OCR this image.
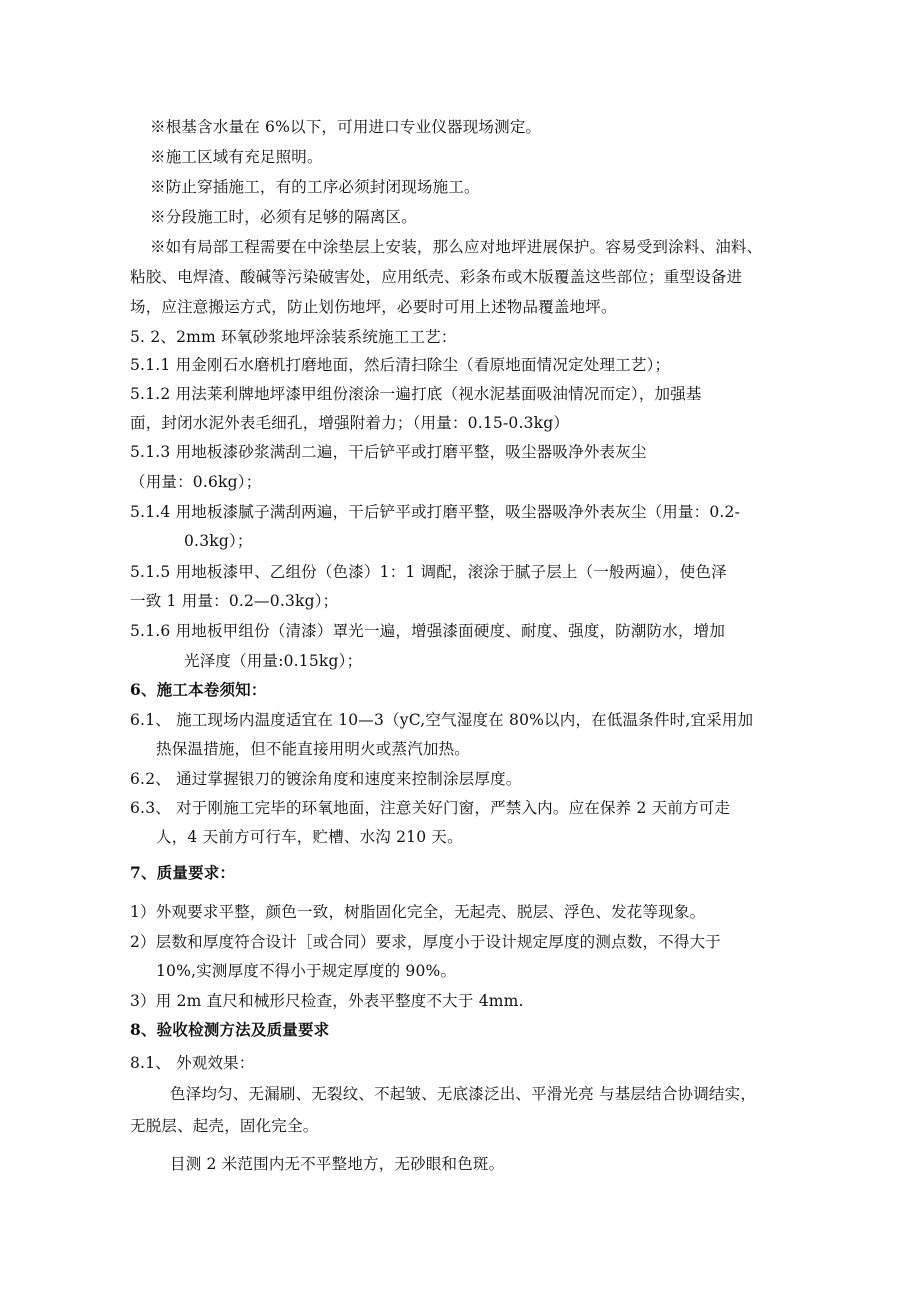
※根基含水量在 6%以下，可用进口专业仪器现场测定。
※施工区域有充足照明。
※防止穿插施工，有的工序必须封闭现场施工。
※分段施工时，必须有足够的隔离区。
※如有局部工程需要在中涂垫层上安装，那么应对地坪进展保护。容易受到涂料、油料、
粘胶、电焊渣、酸碱等污染破害处，应用纸壳、彩条布或木版覆盖这些部位；重型设备进
场，应注意搬运方式，防止划伤地坪，必要时可用上述物品覆盖地坪。
5. 2、2mm 环氧砂浆地坪涂装系统施工工艺：
5.1.1 用金刚石水磨机打磨地面，然后清扫除尘（看原地面情况定处理工艺）；
5.1.2 用法莱利牌地坪漆甲组份滚涂一遍打底（视水泥基面吸油情况而定），加强基
面，封闭水泥外表毛细孔，增强附着力；（用量：0.15-0.3kg）
5.1.3 用地板漆砂浆满刮二遍，干后铲平或打磨平整，吸尘器吸净外表灰尘
（用量：0.6kg）；
5.1.4 用地板漆腻子满刮两遍，干后铲平或打磨平整，吸尘器吸净外表灰尘（用量：0.2-
0.3kg）；
5.1.5 用地板漆甲、乙组份（色漆）1：1 调配，滚涂于腻子层上（一般两遍），使色泽
一致 1 用量：0.2—0.3kg）；
5.1.6 用地板甲组份（清漆）罩光一遍，增强漆面硬度、耐度、强度，防潮防水，增加
光泽度（用量:0.15kg）；
6、施工本卷须知：
6.1、 施工现场内温度适宜在 10—3（yC,空气湿度在 80%以内，在低温条件时,宜采用加
热保温措施，但不能直接用明火或蒸汽加热。
6.2、 通过掌握银刀的镀涂角度和速度来控制涂层厚度。
6.3、 对于刚施工完毕的环氧地面，注意关好门窗，严禁入内。应在保养 2 天前方可走
人，4 天前方可行车，贮槽、水沟 210 天。
7、质量要求：
1）外观要求平整，颜色一致，树脂固化完全，无起壳、脱层、浮色、发花等现象。
2）层数和厚度符合设计［或合同）要求，厚度小于设计规定厚度的测点数，不得大于
10%,实测厚度不得小于规定厚度的 90%。
3）用 2m 直尺和械形尺检查，外表平整度不大于 4mm.
8、验收检测方法及质量要求
8.1、 外观效果：
色泽均匀、无漏刷、无裂纹、不起皱、无底漆泛出、平滑光亮 与基层结合协调结实，
无脱层、起壳，固化完全。
目测 2 米范围内无不平整地方，无砂眼和色斑。
